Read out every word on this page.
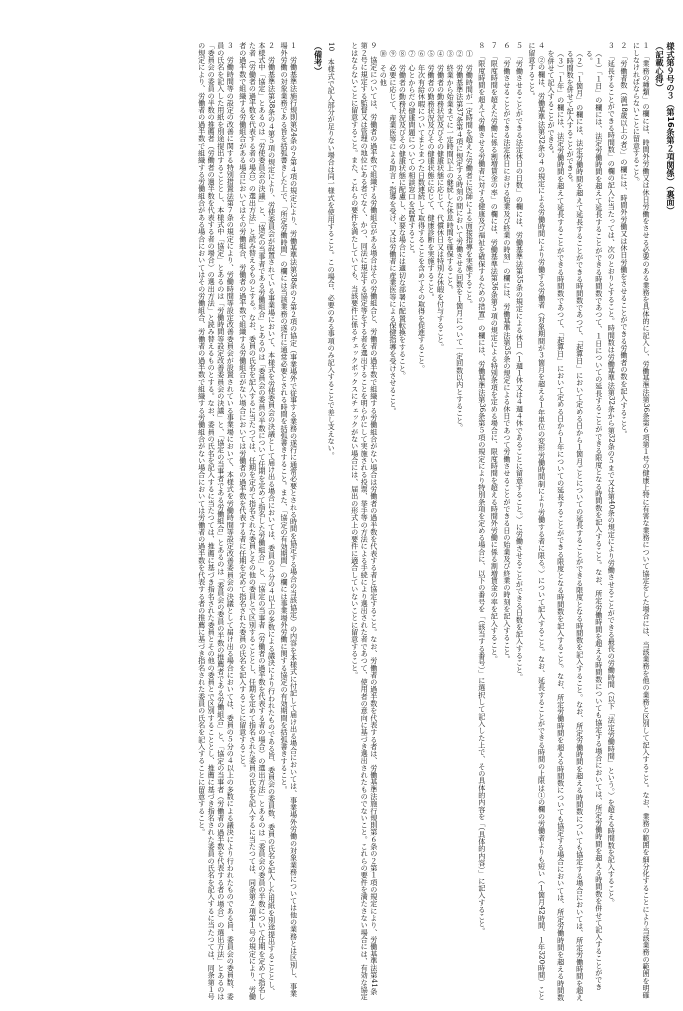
様式第９号の３（第16条第２項関係）（裏面）
（記載心得）
１　「業務の種類」の欄には、時間外労働又は休日労働をさせる必要のある業務を具体的に記入し、労働基準法第36条第６項第１号の健康上特に有害な業務について協定をした場合には、当該業務を他の業務と区別して記入すること。なお、業務の範囲を細分化することにより当該業務の範囲を明確にしなければならないことに留意すること。
２　「労働者数（満18歳以上の者）」の欄には、時間外労働又は休日労働をさせることができる労働者の数を記入すること。
３　「延長することができる時間数」の欄の記入に当たっては、次のとおりとすること。時間数は労働基準法第32条から第32条の５まで又は第40条の規定により労働させることができる最長の労働時間（以下「法定労働時間」という。）を超える時間数を記入すること。
（１）「１日」の欄には、法定労働時間を超えて延長することができる時間数であつて、１日についての延長することができる限度となる時間数を記入すること。なお、所定労働時間を超える時間数についても協定する場合においては、所定労働時間を超える時間数を併せて記入することができる。
（２）「１箇月」の欄には、法定労働時間を超えて延長することができる時間数であつて、「起算日」において定める日から１箇月ごとについての延長することができる限度となる時間数を記入すること。なお、所定労働時間を超える時間数についても協定する場合においては、所定労働時間を超える時間数を併せて記入することができる。
（３）「１年」の欄には、法定労働時間を超えて延長することができる時間数であつて、「起算日」において定める日から１年についての延長することができる限度となる時間数を記入すること。なお、所定労働時間を超える時間数についても協定する場合においては、所定労働時間を超える時間数を併せて記入することができる。
４　②の欄は、労働基準法第32条の４の規定による労働時間により労働する労働者（対象期間が３箇月を超える１年単位の変形労働時間制により労働する者に限る。）について記入すること。なお、延長することができる時間の上限は①の欄の労働者よりも短い（１箇月42時間、１年320時間）ことに留意すること。
５　「労働させることができる法定休日の日数」の欄には、労働基準法第35条の規定による休日（１週１休又は４週４休であることに留意すること。）に労働させることができる日数を記入すること。
６　「労働させることができる法定休日における始業及び終業の時刻」の欄には、労働基準法第35条の規定による休日であつて労働させることができる日の始業及び終業の時刻を記入すること。
７　「限度時間を超えた労働に係る割増賃金の率」の欄には、労働基準法第36条第５項の規定による特別条項を定める場合に、限度時間を超える時間外労働に係る割増賃金の率を記入すること。
８　「限度時間を超えて労働させる労働者に対する健康及び福祉を確保するための措置」の欄には、労働基準法第36条第５項の規定により特別条項を定める場合に、以下の番号を「（該当する番号）」に選択して記入した上で、その具体的内容を「（具体的内容）」に記入すること。
①　労働時間が一定時間を超えた労働者に医師による面接指導を実施すること。
②　労働基準法第37条第４項に規定する時刻の間において労働させる回数を１箇月について一定回数以内とすること。
③　終業から始業までに一定時間以上の継続した休息時間を確保すること。
④　労働者の勤務状況及びその健康状態に応じて、代償休日又は特別な休暇を付与すること。
⑤　労働者の勤務状況及びその健康状態に応じて、健康診断を実施すること。
⑥　年次有給休暇についてまとまつた日数連続して取得することを含めてその取得を促進すること。
⑦　心とからだの健康問題についての相談窓口を設置すること。
⑧　労働者の勤務状況及びその健康状態に配慮し、必要な場合には適切な部署に配置転換をすること。
⑨　必要に応じて、産業医等による助言・指導を受け、又は労働者に産業医等による保健指導を受けさせること。
⑩　その他
９　協定については、労働者の過半数で組織する労働組合がある場合はその労働組合と、労働者の過半数で組織する労働組合がない場合は労働者の過半数を代表する者と協定すること。なお、労働者の過半数を代表する者は、労働基準法施行規則第６条の２第１項の規定により、労働基準法第41条第２号に規定する監督又は管理の地位にある者でなく、かつ、同法に規定する協定等をする者を選出することを明らかにして実施される投票、挙手等の方法による手続により選出された者であつて、使用者の意向に基づき選出されたものでないこと。これらの要件を満たさない場合には、有効な協定とはならないことに留意すること。また、これらの要件を満たしていても、当該要件に係るチェックボックスにチェックがない場合には、届出の形式上の要件に適合していないことに留意すること。
10　本様式で記入部分が足りない場合は同一様式を使用すること。この場合、必要のある事項のみ記入することで差し支えない。
（備考）
１　労働基準法施行規則第24条の２第４項の規定により、労働基準法第38条の２第２項の協定（事業場外で従事する業務の遂行に通常必要とされる時間を協定する場合の当該協定）の内容を本様式に付記して届け出る場合においては、事業場外労働の対象業務については他の業務とは区別し、事業場外労働の対象業務である旨を括弧書きした上で、「所定労働時間」の欄には当該業務の遂行に通常必要とされる時間を括弧書きすること。また、「協定の有効期間」の欄には事業場外労働に関する協定の有効期間を括弧書きすること。
２　労働基準法第38条の４第５項の規定により、労使委員会が設置されている事業場において、本様式を労使委員会の決議として届け出る場合においては、委員の５分の４以上の多数による議決により行われたものである旨、委員会の委員数、委員の氏名を記入した用紙を別途提出することとし、本様式中「協定」とあるのは「労使委員会の決議」と、「協定の当事者である労働組合」とあるのは「委員会の委員の半数について任期を定めて指名した労働組合」と、「協定の当事者（労働者の過半数を代表する者の場合）の選出方法」とあるのは「委員会の委員の半数について任期を定めて指名した者（労働者の過半数を代表する者の場合）の選出方法」と読み替えるものとする。なお、委員の氏名を記入するに当たつては、任期を定めて指名された委員とその他の委員とで区別することとし、任期を定めて指名された委員の氏名を記入するに当たつては、同条第２項第１号の規定により、労働者の過半数で組織する労働組合がある場合においてはその労働組合、労働者の過半数で組織する労働組合がない場合においては労働者の過半数を代表する者に任期を定めて指名された委員の氏名を記入することに留意すること。
３　労働時間等の設定の改善に関する特別措置法第７条の規定により、労働時間等設定改善委員会が設置されている事業場において、本様式を労働時間等設定改善委員会の決議として届け出る場合においては、委員の５分の４以上の多数による議決により行われたものである旨、委員会の委員数、委員の氏名を記入した用紙を別途提出することとし、本様式中「協定」とあるのは「労働時間等設定改善委員会の決議」と、「協定の当事者である労働組合」とあるのは「委員会の委員の半数の推薦者である労働組合」と、「協定の当事者（労働者の過半数を代表する者の場合）の選出方法」とあるのは「委員会の委員の半数の推薦者（労働者の過半数を代表する者の場合）の選出方法」と読み替えるものとする。なお、委員の氏名を記入するに当たつては、推薦に基づき指名された委員とその他の委員とで区別することとし、推薦に基づき指名された委員の氏名を記入するに当たつては、同条第１号の規定により、労働者の過半数で組織する労働組合がある場合においてはその労働組合、労働者の過半数で組織する労働組合がない場合においては労働者の過半数を代表する者の推薦に基づき指名された委員の氏名を記入することに留意すること。
